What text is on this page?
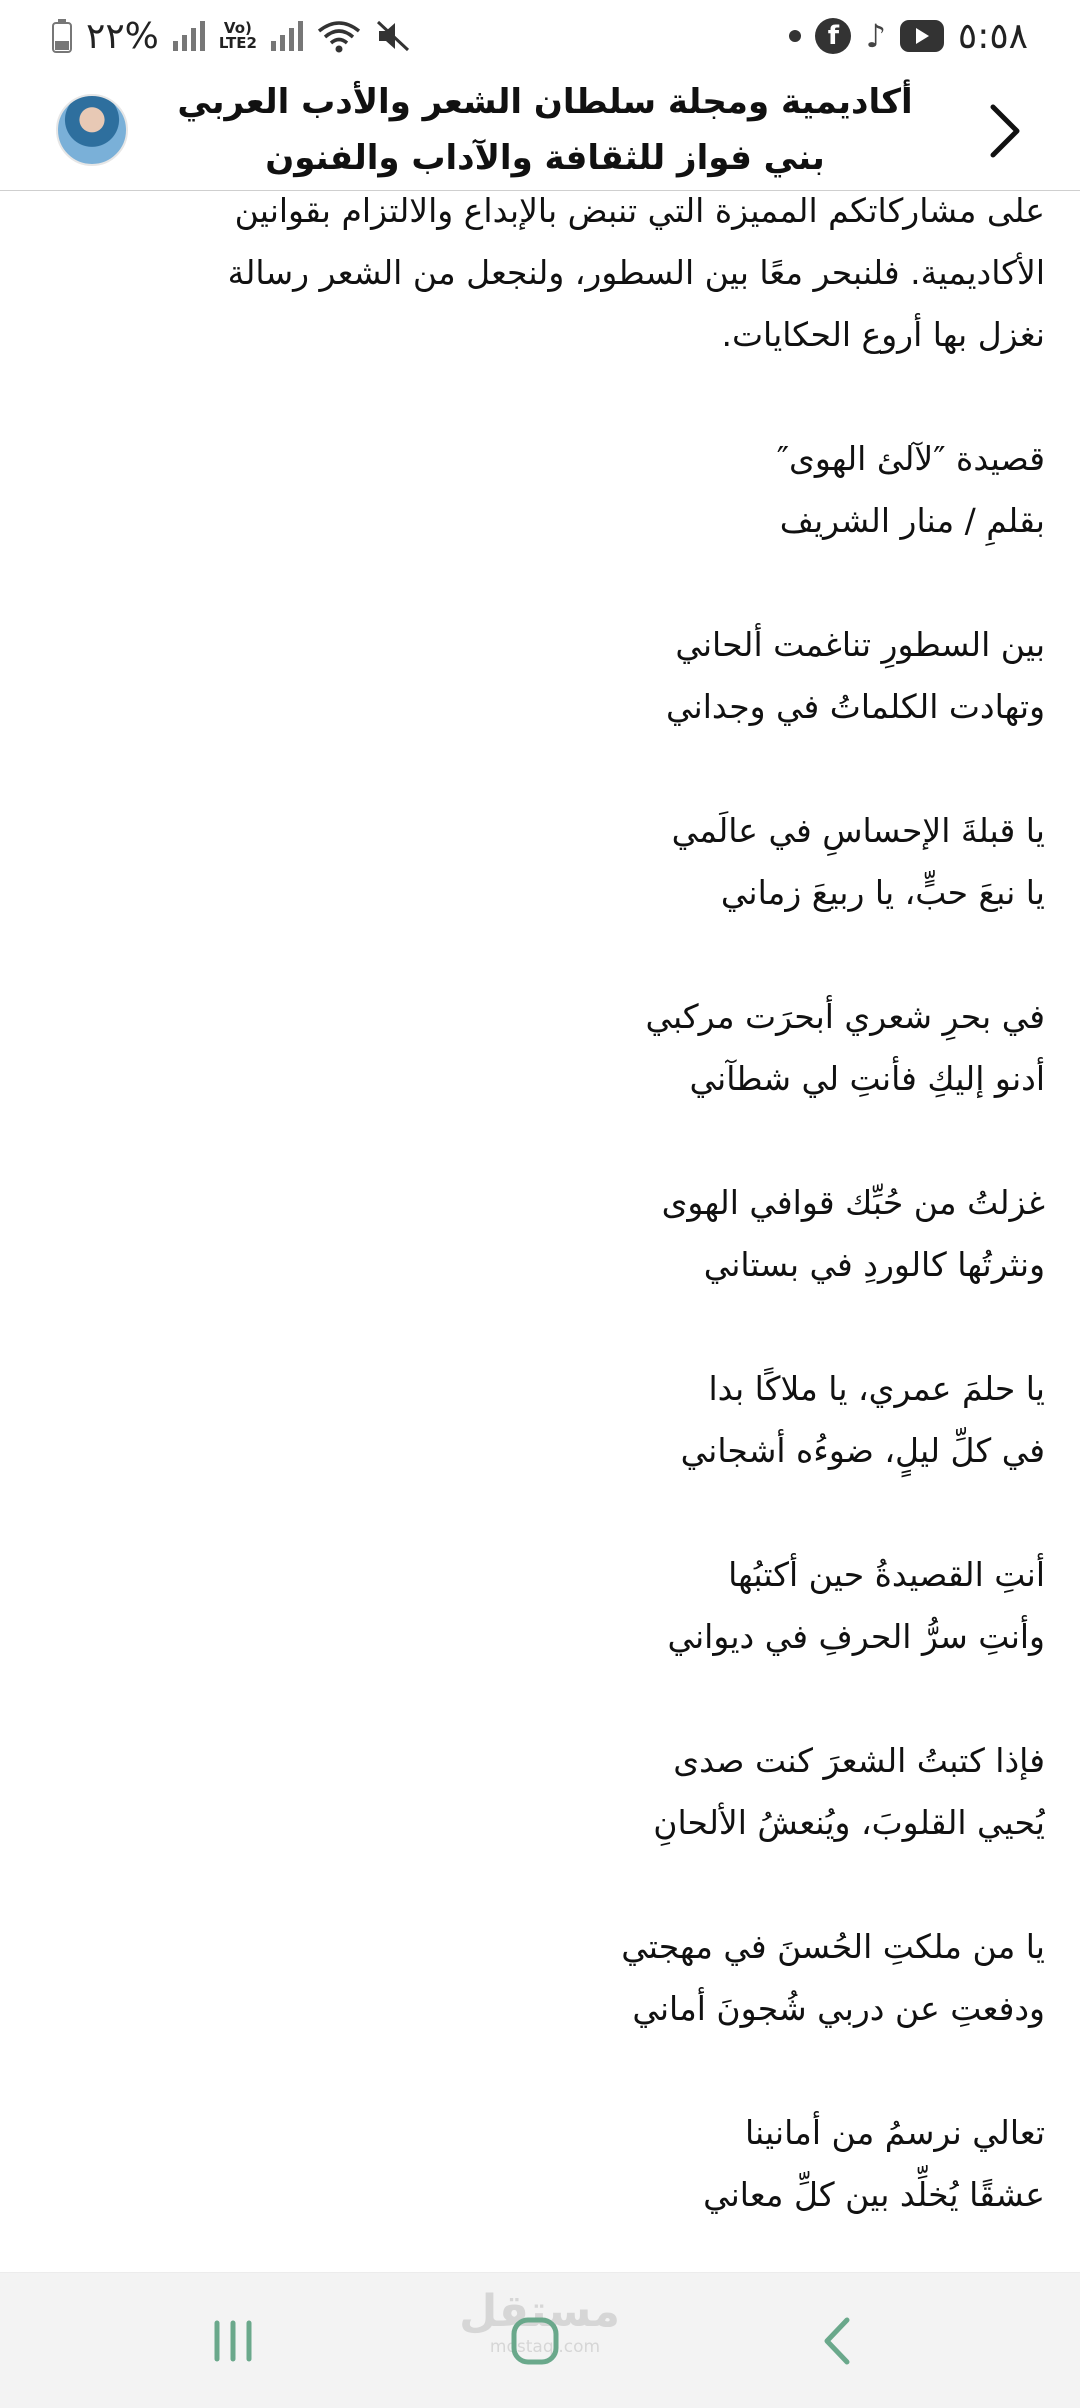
٢٢%	Vo)
LTE2	f ♪ ٥:٥٨
أكاديمية ومجلة سلطان الشعر والأدب العربي
بني فواز للثقافة والآداب والفنون
على مشاركاتكم المميزة التي تنبض بالإبداع والالتزام بقوانين
الأكاديمية. فلنبحر معًا بين السطور، ولنجعل من الشعر رسالة
نغزل بها أروع الحكايات.
قصيدة ″لآلئ الهوى″
بقلمِ / منار الشريف
بين السطورِ تناغمت ألحاني
وتهادت الكلماتُ في وجداني
يا قبلةَ الإحساسِ في عالَمي
يا نبعَ حبٍّ، يا ربيعَ زماني
في بحرِ شعري أبحرَت مركبي
أدنو إليكِ فأنتِ لي شطآني
غزلتُ من حُبِّك قوافي الهوى
ونثرتُها كالوردِ في بستاني
يا حلمَ عمري، يا ملاكًا بدا
في كلِّ ليلٍ، ضوءُه أشجاني
أنتِ القصيدةُ حين أكتبُها
وأنتِ سرُّ الحرفِ في ديواني
فإذا كتبتُ الشعرَ كنت صدى
يُحيي القلوبَ، ويُنعشُ الألحانِ
يا من ملكتِ الحُسنَ في مهجتي
ودفعتِ عن دربي شُجونَ أماني
تعالي نرسمُ من أمانينا
عشقًا يُخلِّد بين كلِّ معاني
مستقل
mostaql.com
